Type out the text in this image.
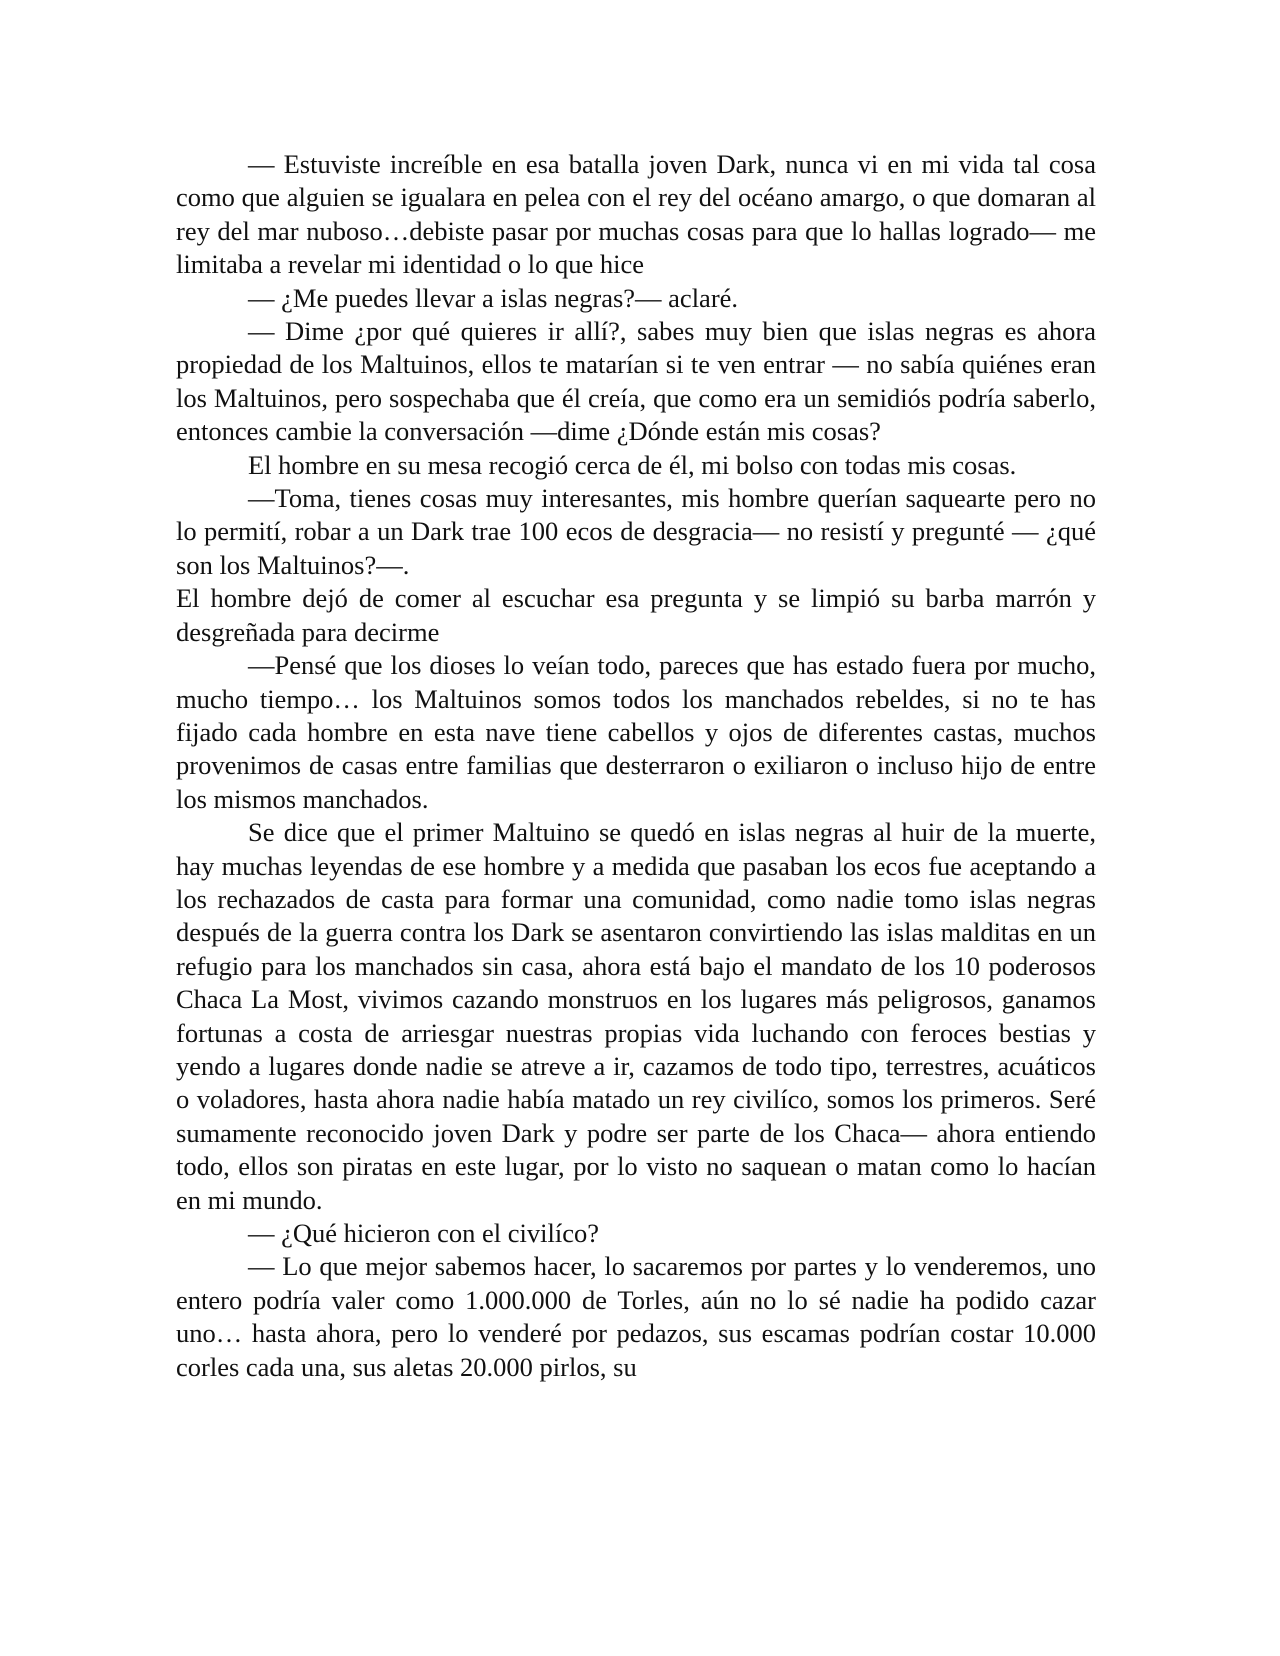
— Estuviste increíble en esa batalla joven Dark, nunca vi en mi vida tal cosa como que alguien se igualara en pelea con el rey del océano amargo, o que domaran al rey del mar nuboso…debiste pasar por muchas cosas para que lo hallas logrado— me limitaba a revelar mi identidad o lo que hice

— ¿Me puedes llevar a islas negras?— aclaré.

— Dime ¿por qué quieres ir allí?, sabes muy bien que islas negras es ahora propiedad de los Maltuinos, ellos te matarían si te ven entrar — no sabía quiénes eran los Maltuinos, pero sospechaba que él creía, que como era un semidiós podría saberlo, entonces cambie la conversación —dime ¿Dónde están mis cosas?

El hombre en su mesa recogió cerca de él, mi bolso con todas mis cosas.

—Toma, tienes cosas muy interesantes, mis hombre querían saquearte pero no lo permití, robar a un Dark trae 100 ecos de desgracia— no resistí y pregunté — ¿qué son los Maltuinos?—.

El hombre dejó de comer al escuchar esa pregunta y se limpió su barba marrón y desgreñada para decirme

—Pensé que los dioses lo veían todo, pareces que has estado fuera por mucho, mucho tiempo… los Maltuinos somos todos los manchados rebeldes, si no te has fijado cada hombre en esta nave tiene cabellos y ojos de diferentes castas, muchos provenimos de casas entre familias que desterraron o exiliaron o incluso hijo de entre los mismos manchados.

Se dice que el primer Maltuino se quedó en islas negras al huir de la muerte, hay muchas leyendas de ese hombre y a medida que pasaban los ecos fue aceptando a los rechazados de casta para formar una comunidad, como nadie tomo islas negras después de la guerra contra los Dark se asentaron convirtiendo las islas malditas en un refugio para los manchados sin casa, ahora está bajo el mandato de los 10 poderosos Chaca La Most, vivimos cazando monstruos en los lugares más peligrosos, ganamos fortunas a costa de arriesgar nuestras propias vida luchando con feroces bestias y yendo a lugares donde nadie se atreve a ir, cazamos de todo tipo, terrestres, acuáticos o voladores, hasta ahora nadie había matado un rey civilíco, somos los primeros. Seré sumamente reconocido joven Dark y podre ser parte de los Chaca— ahora entiendo todo, ellos son piratas en este lugar, por lo visto no saquean o matan como lo hacían en mi mundo.

— ¿Qué hicieron con el civilíco?

— Lo que mejor sabemos hacer, lo sacaremos por partes y lo venderemos, uno entero podría valer como 1.000.000 de Torles, aún no lo sé nadie ha podido cazar uno… hasta ahora, pero lo venderé por pedazos, sus escamas podrían costar 10.000 corles cada una, sus aletas 20.000 pirlos, su
